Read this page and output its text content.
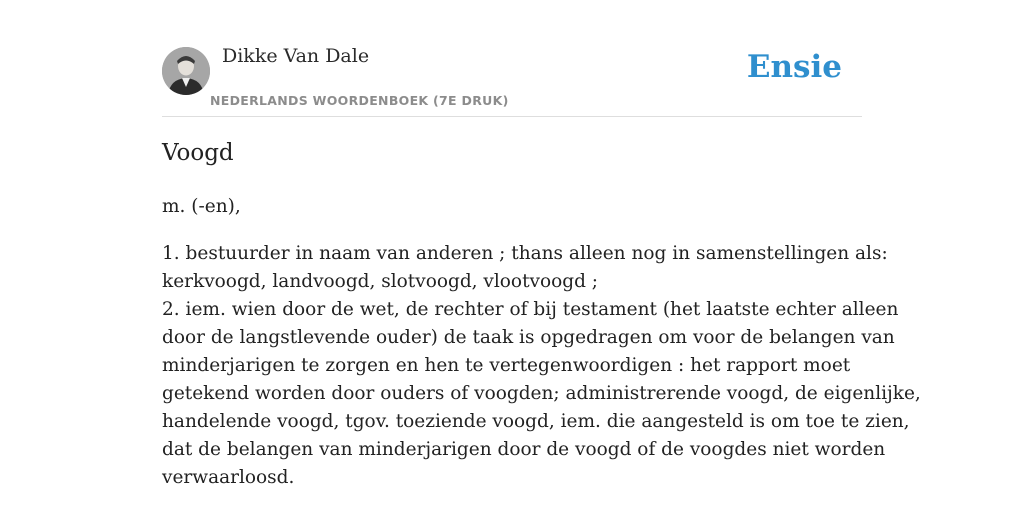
Dikke Van Dale
NEDERLANDS WOORDENBOEK (7E DRUK)
Ensie
Voogd

m. (-en),

1. bestuurder in naam van anderen ; thans alleen nog in samenstellingen als:
kerkvoogd, landvoogd, slotvoogd, vlootvoogd ;
2. iem. wien door de wet, de rechter of bij testament (het laatste echter alleen
door de langstlevende ouder) de taak is opgedragen om voor de belangen van
minderjarigen te zorgen en hen te vertegenwoordigen : het rapport moet
getekend worden door ouders of voogden; administrerende voogd, de eigenlijke,
handelende voogd, tgov. toeziende voogd, iem. die aangesteld is om toe te zien,
dat de belangen van minderjarigen door de voogd of de voogdes niet worden
verwaarloosd.
